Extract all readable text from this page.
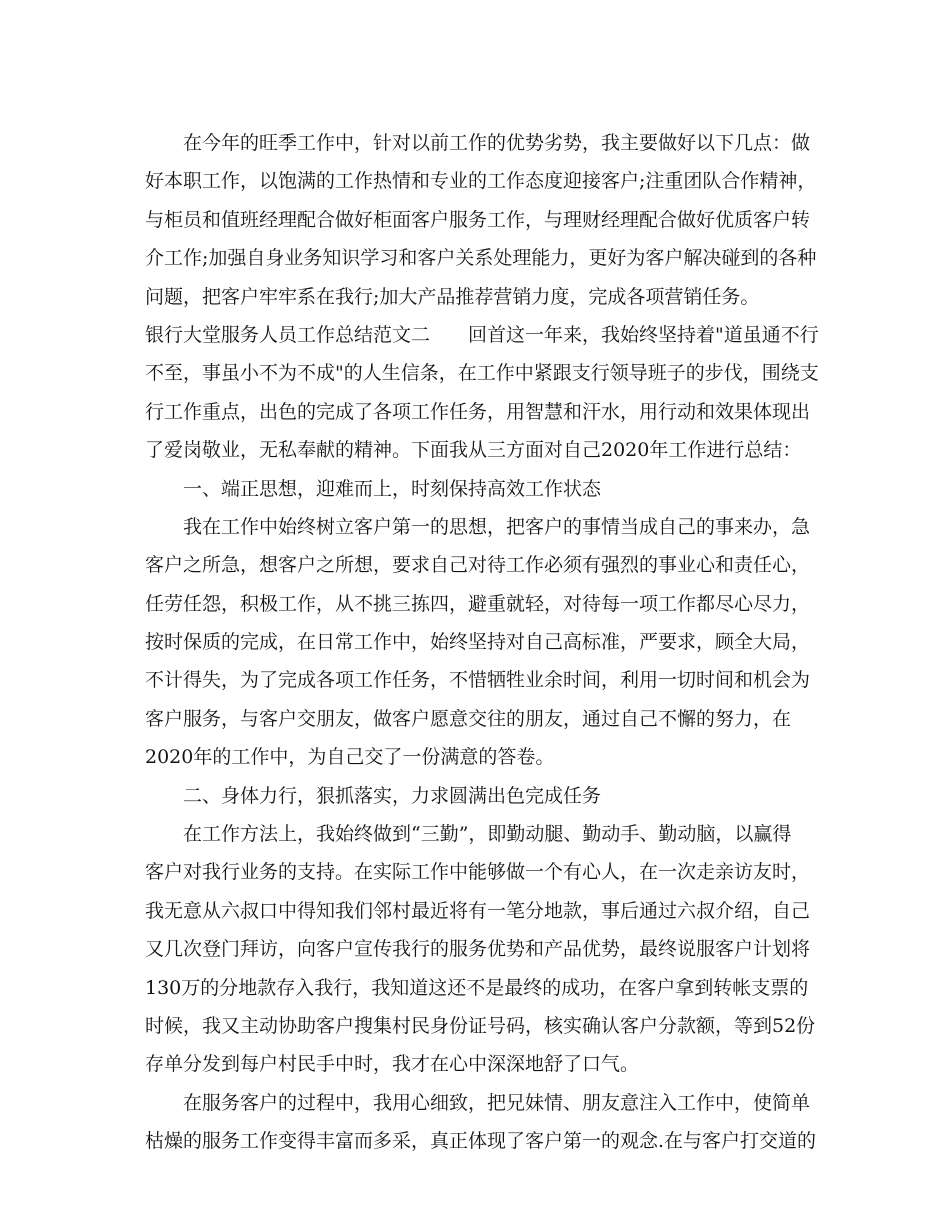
　　在今年的旺季工作中，针对以前工作的优势劣势，我主要做好以下几点：做
好本职工作，以饱满的工作热情和专业的工作态度迎接客户;注重团队合作精神，
与柜员和值班经理配合做好柜面客户服务工作，与理财经理配合做好优质客户转
介工作;加强自身业务知识学习和客户关系处理能力，更好为客户解决碰到的各种
问题，把客户牢牢系在我行;加大产品推荐营销力度，完成各项营销任务。
银行大堂服务人员工作总结范文二　　回首这一年来，我始终坚持着"道虽通不行
不至，事虽小不为不成"的人生信条，在工作中紧跟支行领导班子的步伐，围绕支
行工作重点，出色的完成了各项工作任务，用智慧和汗水，用行动和效果体现出
了爱岗敬业，无私奉献的精神。下面我从三方面对自己2020年工作进行总结：
　　一、端正思想，迎难而上，时刻保持高效工作状态
　　我在工作中始终树立客户第一的思想，把客户的事情当成自己的事来办，急
客户之所急，想客户之所想，要求自己对待工作必须有强烈的事业心和责任心，
任劳任怨，积极工作，从不挑三拣四，避重就轻，对待每一项工作都尽心尽力，
按时保质的完成，在日常工作中，始终坚持对自己高标准，严要求，顾全大局，
不计得失，为了完成各项工作任务，不惜牺牲业余时间，利用一切时间和机会为
客户服务，与客户交朋友，做客户愿意交往的朋友，通过自己不懈的努力，在
2020年的工作中，为自己交了一份满意的答卷。
　　二、身体力行，狠抓落实，力求圆满出色完成任务
　　在工作方法上，我始终做到“三勤”，即勤动腿、勤动手、勤动脑，以赢得
客户对我行业务的支持。在实际工作中能够做一个有心人，在一次走亲访友时，
我无意从六叔口中得知我们邻村最近将有一笔分地款，事后通过六叔介绍，自己
又几次登门拜访，向客户宣传我行的服务优势和产品优势，最终说服客户计划将
130万的分地款存入我行，我知道这还不是最终的成功，在客户拿到转帐支票的
时候，我又主动协助客户搜集村民身份证号码，核实确认客户分款额，等到52份
存单分发到每户村民手中时，我才在心中深深地舒了口气。
　　在服务客户的过程中，我用心细致，把兄妹情、朋友意注入工作中，使简单
枯燥的服务工作变得丰富而多采，真正体现了客户第一的观念.在与客户打交道的
